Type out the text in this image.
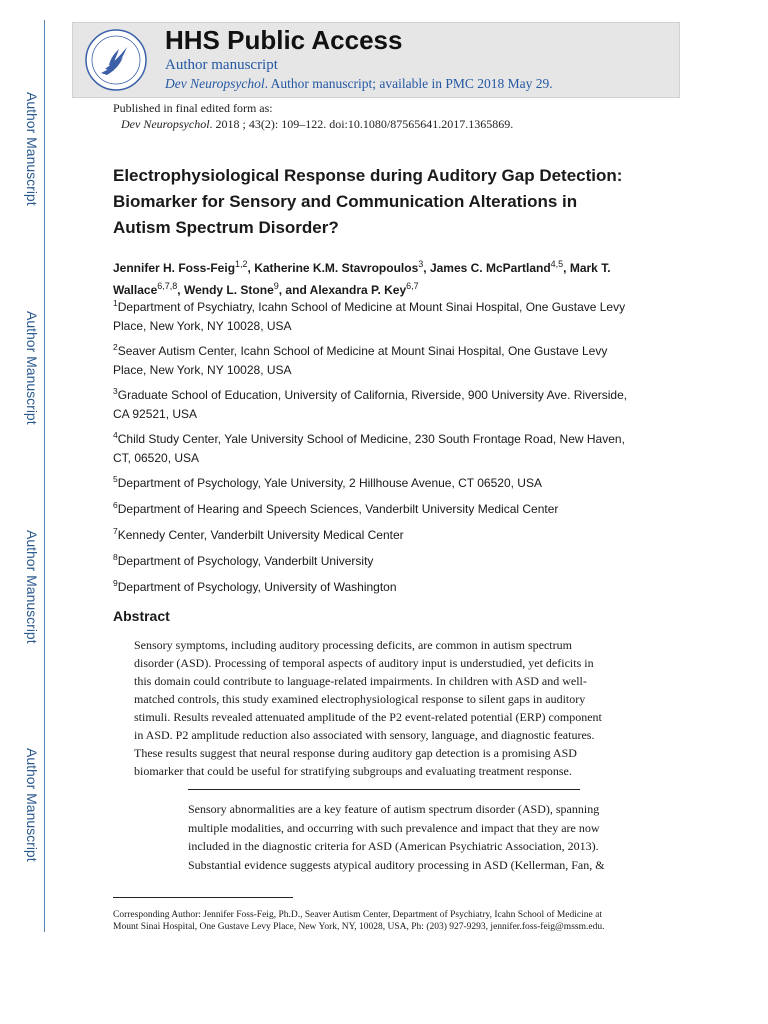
Author Manuscript
Author Manuscript
Author Manuscript
Author Manuscript
HHS Public Access
Author manuscript
Dev Neuropsychol. Author manuscript; available in PMC 2018 May 29.
Published in final edited form as:
Dev Neuropsychol. 2018 ; 43(2): 109–122. doi:10.1080/87565641.2017.1365869.
Electrophysiological Response during Auditory Gap Detection:
Biomarker for Sensory and Communication Alterations in
Autism Spectrum Disorder?
Jennifer H. Foss-Feig$^{1,2}$, Katherine K.M. Stavropoulos$^3$, James C. McPartland$^{4,5}$, Mark T. Wallace$^{6,7,8}$, Wendy L. Stone$^9$, and Alexandra P. Key$^{6,7}$
$^1$Department of Psychiatry, Icahn School of Medicine at Mount Sinai Hospital, One Gustave Levy
Place, New York, NY 10028, USA
$^2$Seaver Autism Center, Icahn School of Medicine at Mount Sinai Hospital, One Gustave Levy
Place, New York, NY 10028, USA
$^3$Graduate School of Education, University of California, Riverside, 900 University Ave. Riverside,
CA 92521, USA
$^4$Child Study Center, Yale University School of Medicine, 230 South Frontage Road, New Haven,
CT, 06520, USA
$^5$Department of Psychology, Yale University, 2 Hillhouse Avenue, CT 06520, USA
$^6$Department of Hearing and Speech Sciences, Vanderbilt University Medical Center
$^7$Kennedy Center, Vanderbilt University Medical Center
$^8$Department of Psychology, Vanderbilt University
$^9$Department of Psychology, University of Washington
Abstract
Sensory symptoms, including auditory processing deficits, are common in autism spectrum
disorder (ASD). Processing of temporal aspects of auditory input is understudied, yet deficits in
this domain could contribute to language-related impairments. In children with ASD and well-
matched controls, this study examined electrophysiological response to silent gaps in auditory
stimuli. Results revealed attenuated amplitude of the P2 event-related potential (ERP) component
in ASD. P2 amplitude reduction also associated with sensory, language, and diagnostic features.
These results suggest that neural response during auditory gap detection is a promising ASD
biomarker that could be useful for stratifying subgroups and evaluating treatment response.
Sensory abnormalities are a key feature of autism spectrum disorder (ASD), spanning
multiple modalities, and occurring with such prevalence and impact that they are now
included in the diagnostic criteria for ASD (American Psychiatric Association, 2013).
Substantial evidence suggests atypical auditory processing in ASD (Kellerman, Fan, &
Corresponding Author: Jennifer Foss-Feig, Ph.D., Seaver Autism Center, Department of Psychiatry, Icahn School of Medicine at
Mount Sinai Hospital, One Gustave Levy Place, New York, NY, 10028, USA, Ph: (203) 927-9293, jennifer.foss-feig@mssm.edu.
